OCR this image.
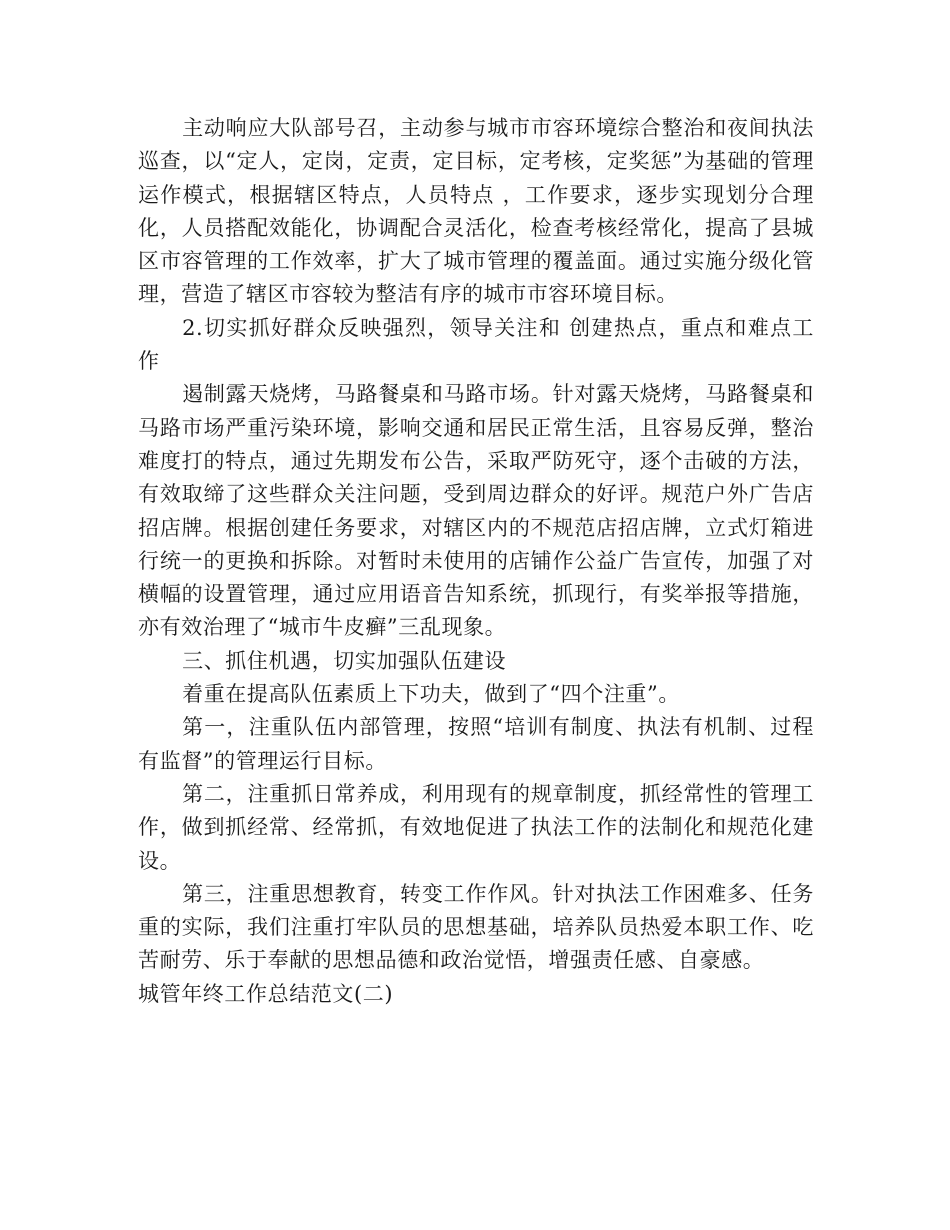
主动响应大队部号召，主动参与城市市容环境综合整治和夜间执法巡查，以“定人，定岗，定责，定目标，定考核，定奖惩”为基础的管理运作模式，根据辖区特点，人员特点 ，工作要求，逐步实现划分合理化，人员搭配效能化，协调配合灵活化，检查考核经常化，提高了县城区市容管理的工作效率，扩大了城市管理的覆盖面。通过实施分级化管理，营造了辖区市容较为整洁有序的城市市容环境目标。

2.切实抓好群众反映强烈，领导关注和 创建热点，重点和难点工作

遏制露天烧烤，马路餐桌和马路市场。针对露天烧烤，马路餐桌和马路市场严重污染环境，影响交通和居民正常生活，且容易反弹，整治难度打的特点，通过先期发布公告，采取严防死守，逐个击破的方法，有效取缔了这些群众关注问题，受到周边群众的好评。规范户外广告店招店牌。根据创建任务要求，对辖区内的不规范店招店牌，立式灯箱进行统一的更换和拆除。对暂时未使用的店铺作公益广告宣传，加强了对横幅的设置管理，通过应用语音告知系统，抓现行，有奖举报等措施，亦有效治理了“城市牛皮癣”三乱现象。

三、抓住机遇，切实加强队伍建设

着重在提高队伍素质上下功夫，做到了“四个注重”。

第一，注重队伍内部管理，按照“培训有制度、执法有机制、过程有监督”的管理运行目标。

第二，注重抓日常养成，利用现有的规章制度，抓经常性的管理工作，做到抓经常、经常抓，有效地促进了执法工作的法制化和规范化建设。

第三，注重思想教育，转变工作作风。针对执法工作困难多、任务重的实际，我们注重打牢队员的思想基础，培养队员热爱本职工作、吃苦耐劳、乐于奉献的思想品德和政治觉悟，增强责任感、自豪感。

城管年终工作总结范文(二)
